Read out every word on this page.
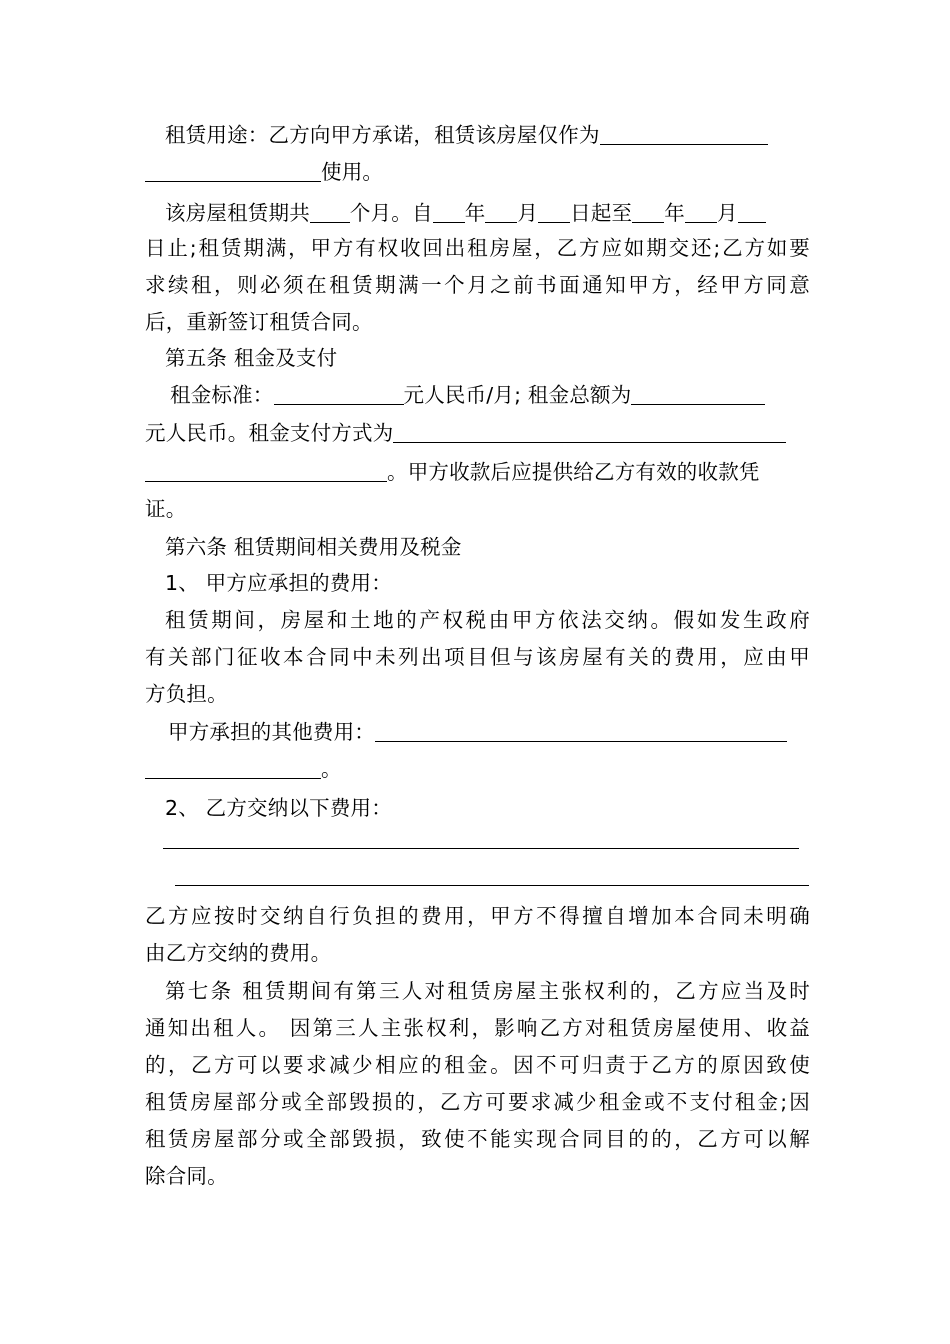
租赁用途：乙方向甲方承诺，租赁该房屋仅作为
使用。
该房屋租赁期共 个月。自 年 月 日起至 年 月
日止;租赁期满，甲方有权收回出租房屋，乙方应如期交还;乙方如要
求续租，则必须在租赁期满一个月之前书面通知甲方，经甲方同意
后，重新签订租赁合同。
第五条 租金及支付
租金标准：	元人民币/月; 租金总额为
元人民币。租金支付方式为
。甲方收款后应提供给乙方有效的收款凭
证。
第六条 租赁期间相关费用及税金
1、 甲方应承担的费用：
租赁期间，房屋和土地的产权税由甲方依法交纳。假如发生政府
有关部门征收本合同中未列出项目但与该房屋有关的费用，应由甲
方负担。
甲方承担的其他费用：
。
2、 乙方交纳以下费用：
乙方应按时交纳自行负担的费用，甲方不得擅自增加本合同未明确
由乙方交纳的费用。
第七条 租赁期间有第三人对租赁房屋主张权利的，乙方应当及时
通知出租人。 因第三人主张权利，影响乙方对租赁房屋使用、收益
的，乙方可以要求减少相应的租金。因不可归责于乙方的原因致使
租赁房屋部分或全部毁损的，乙方可要求减少租金或不支付租金;因
租赁房屋部分或全部毁损，致使不能实现合同目的的，乙方可以解
除合同。
